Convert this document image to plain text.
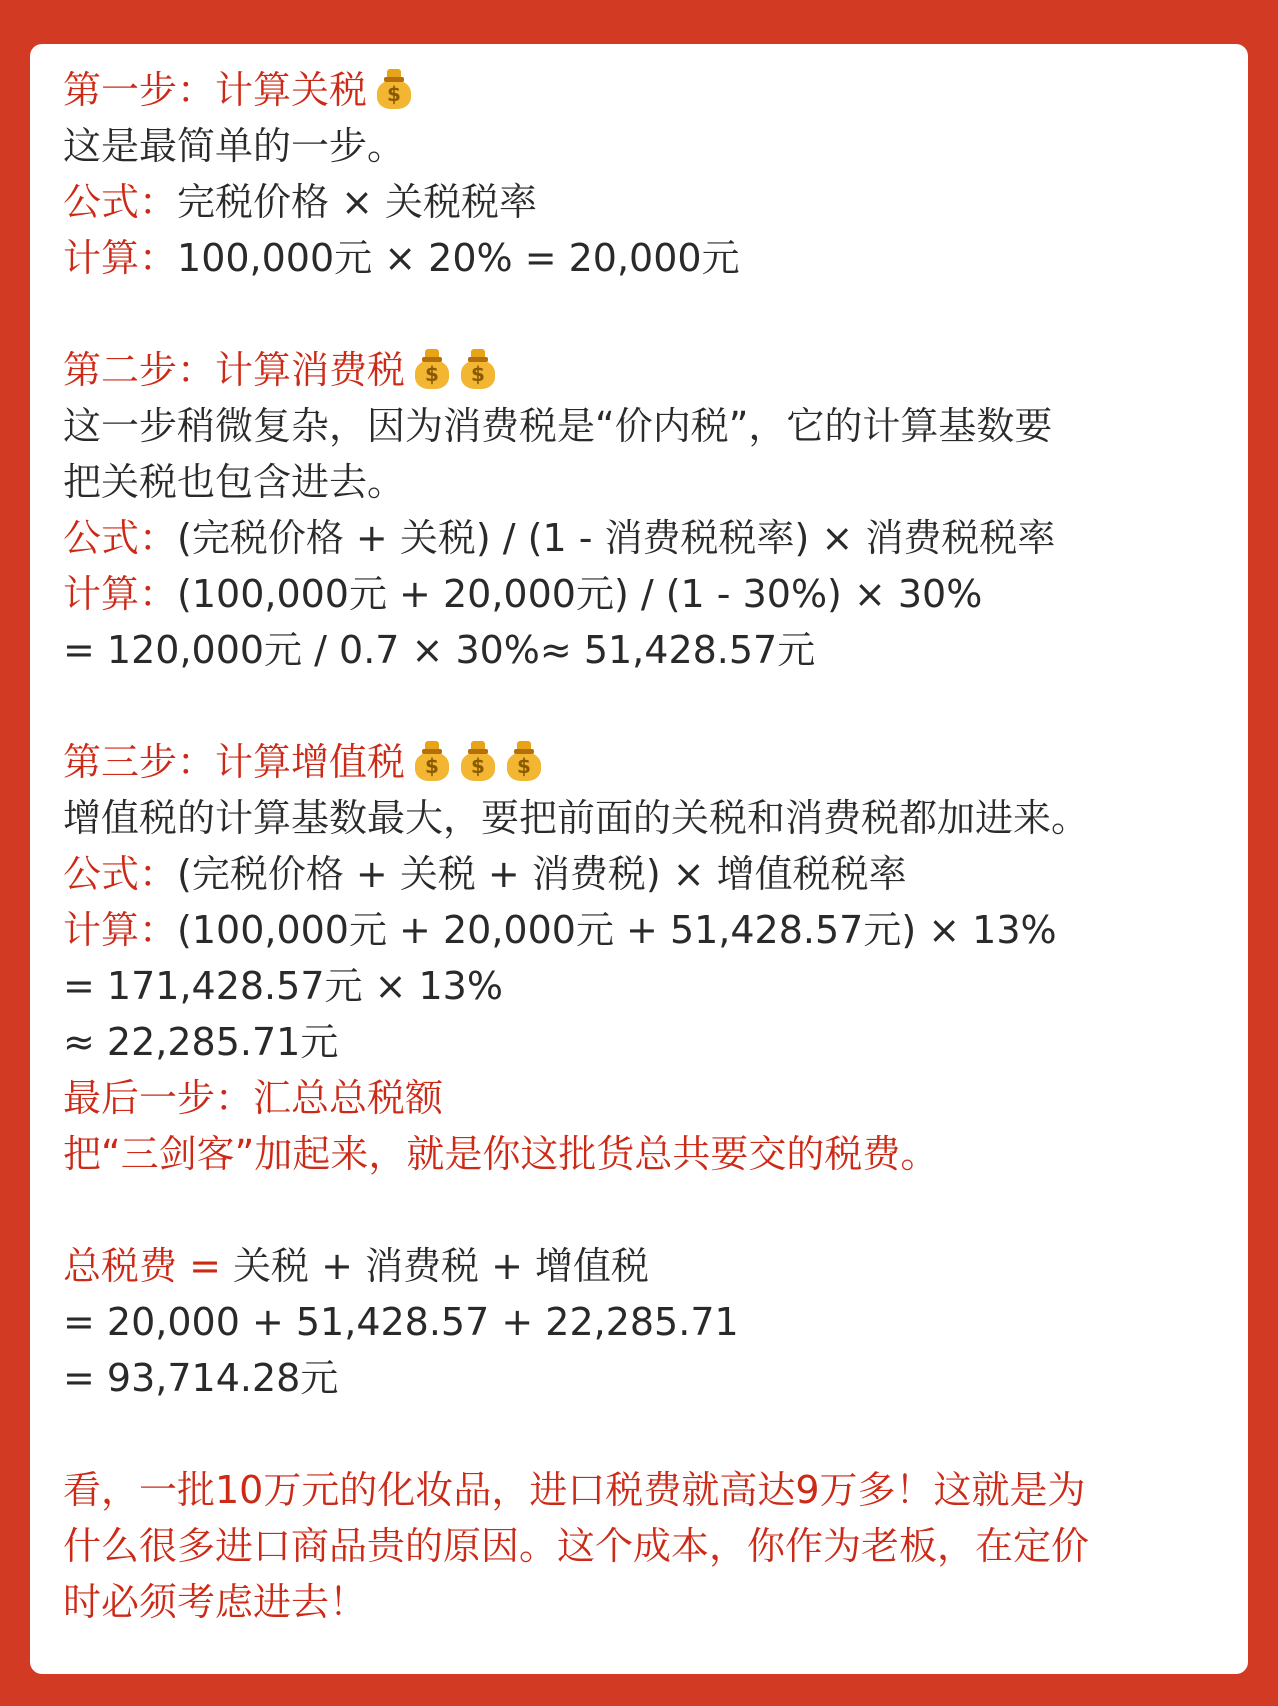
第一步：计算关税	$
这是最简单的一步。
公式：完税价格 × 关税税率
计算：100,000元 × 20% = 20,000元
第二步：计算消费税	$	$
这一步稍微复杂，因为消费税是“价内税”，它的计算基数要
把关税也包含进去。
公式：(完税价格 + 关税) / (1 - 消费税税率) × 消费税税率
计算：(100,000元 + 20,000元) / (1 - 30%) × 30%
= 120,000元 / 0.7 × 30%≈ 51,428.57元
第三步：计算增值税	$	$	$
增值税的计算基数最大，要把前面的关税和消费税都加进来。
公式：(完税价格 + 关税 + 消费税) × 增值税税率
计算：(100,000元 + 20,000元 + 51,428.57元) × 13%
= 171,428.57元 × 13%
≈ 22,285.71元
最后一步：汇总总税额
把“三剑客”加起来，就是你这批货总共要交的税费。
总税费 = 关税 + 消费税 + 增值税
= 20,000 + 51,428.57 + 22,285.71
= 93,714.28元
看，一批10万元的化妆品，进口税费就高达9万多！这就是为
什么很多进口商品贵的原因。这个成本，你作为老板，在定价
时必须考虑进去！
